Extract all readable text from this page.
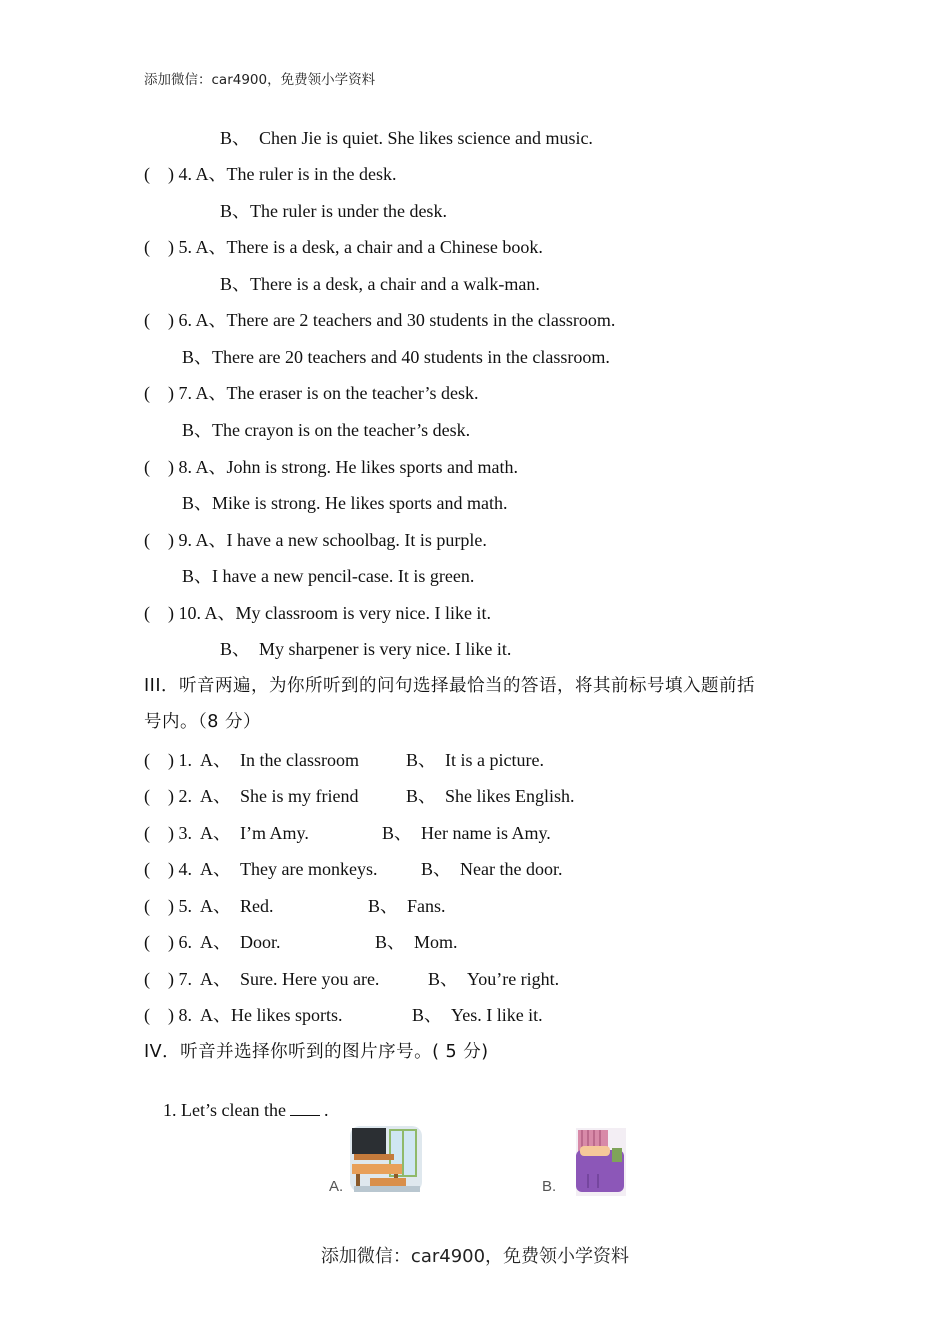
添加微信：car4900，免费领小学资料
B、  Chen Jie is quiet. She likes science and music.
(    ) 4. A、The ruler is in the desk.
B、The ruler is under the desk.
(    ) 5. A、There is a desk, a chair and a Chinese book.
B、There is a desk, a chair and a walk-man.
(    ) 6. A、There are 2 teachers and 30 students in the classroom.
B、There are 20 teachers and 40 students in the classroom.
(    ) 7. A、The eraser is on the teacher’s desk.
B、The crayon is on the teacher’s desk.
(    ) 8. A、John is strong. He likes sports and math.
B、Mike is strong. He likes sports and math.
(    ) 9. A、I have a new schoolbag. It is purple.
B、I have a new pencil-case. It is green.
(    ) 10. A、My classroom is very nice. I like it.
B、  My sharpener is very nice. I like it.
III．听音两遍，为你所听到的问句选择最恰当的答语，将其前标号填入题前括
号内。（8 分）
(    ) 1.  A、  In the classroom	B、  It is a picture.
(    ) 2.  A、  She is my friend	B、  She likes English.
(    ) 3.  A、  I’m Amy.	B、  Her name is Amy.
(    ) 4.  A、  They are monkeys. B、  Near the door.
(    ) 5.  A、  Red.	B、  Fans.
(    ) 6.  A、  Door.	B、  Mom.
(    ) 7.  A、  Sure. Here you are.	B、  You’re right.
(    ) 8.  A、He likes sports.	B、  Yes. I like it.
IV．听音并选择你听到的图片序号。( 5 分)

1. Let’s clean the .

A.	B.
添加微信：car4900，免费领小学资料
